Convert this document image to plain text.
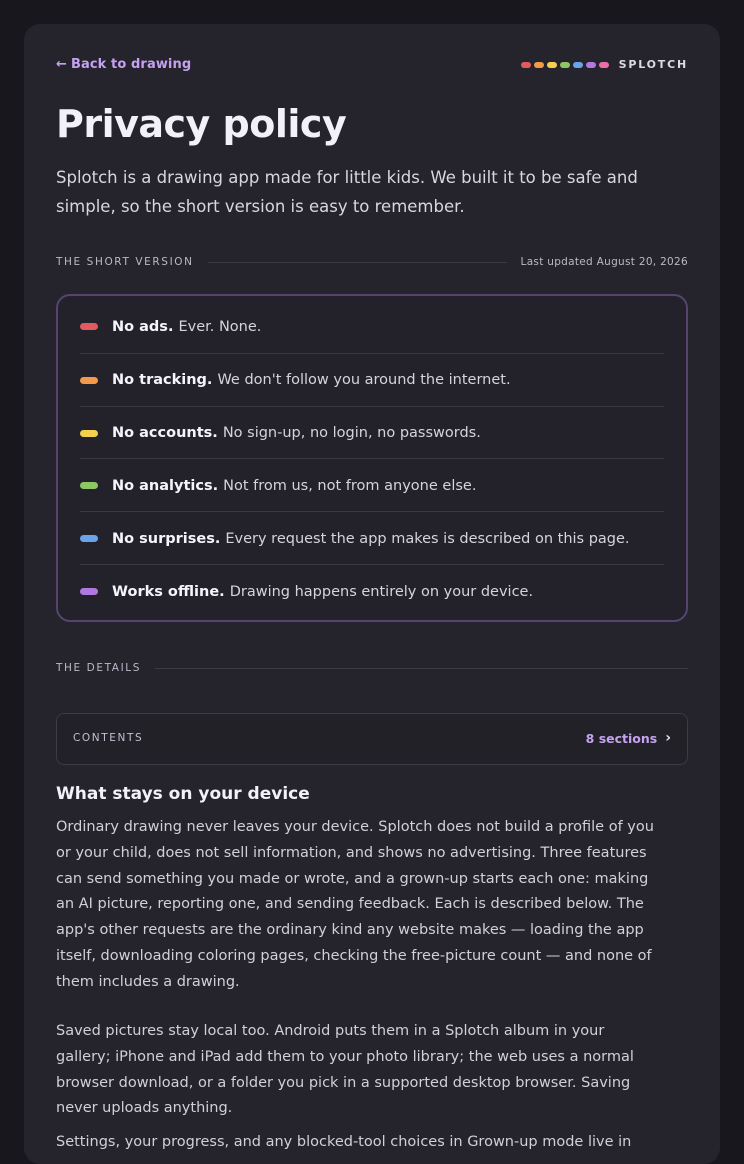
← Back to drawing	SPLOTCH
Privacy policy

Splotch is a drawing app made for little kids. We built it to be safe and simple, so the short version is easy to remember.

THE SHORT VERSION	Last updated August 20, 2026
No ads. Ever. None.
No tracking. We don't follow you around the internet.
No accounts. No sign-up, no login, no passwords.
No analytics. Not from us, not from anyone else.
No surprises. Every request the app makes is described on this page.
Works offline. Drawing happens entirely on your device.
THE DETAILS
CONTENTS	8 sections ›
What stays on your device

Ordinary drawing never leaves your device. Splotch does not build a profile of you or your child, does not sell information, and shows no advertising. Three features can send something you made or wrote, and a grown-up starts each one: making an AI picture, reporting one, and sending feedback. Each is described below. The app's other requests are the ordinary kind any website makes — loading the app itself, downloading coloring pages, checking the free-picture count — and none of them includes a drawing.

Saved pictures stay local too. Android puts them in a Splotch album in your gallery; iPhone and iPad add them to your photo library; the web uses a normal browser download, or a folder you pick in a supported desktop browser. Saving never uploads anything.

Settings, your progress, and any blocked-tool choices in Grown-up mode live in
